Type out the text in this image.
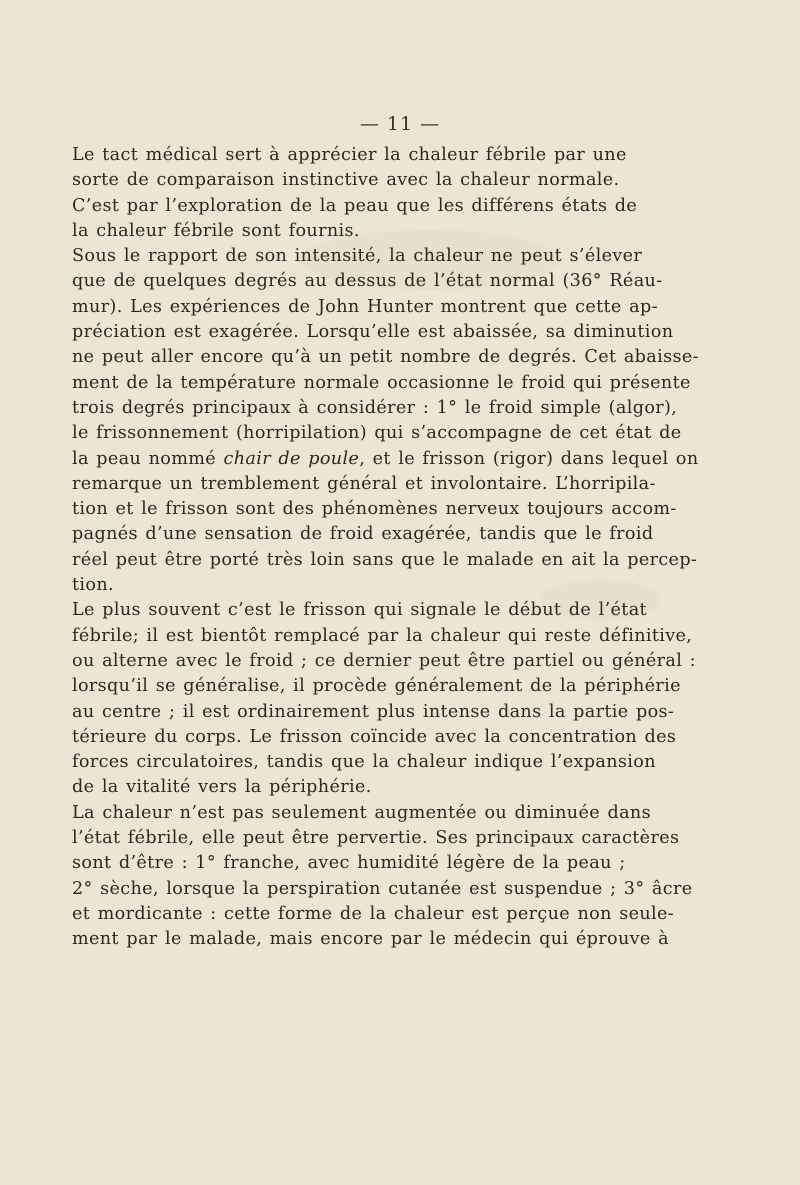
— 11 —

Le tact médical sert à apprécier la chaleur fébrile par une
sorte de comparaison instinctive avec la chaleur normale.

C’est par l’exploration de la peau que les différens états de
la chaleur fébrile sont fournis.

Sous le rapport de son intensité, la chaleur ne peut s’élever
que de quelques degrés au dessus de l’état normal (36° Réau-
mur). Les expériences de John Hunter montrent que cette ap-
préciation est exagérée. Lorsqu’elle est abaissée, sa diminution
ne peut aller encore qu’à un petit nombre de degrés. Cet abaisse-
ment de la température normale occasionne le froid qui présente
trois degrés principaux à considérer : 1° le froid simple (algor),
le frissonnement (horripilation) qui s’accompagne de cet état de
la peau nommé chair de poule, et le frisson (rigor) dans lequel on
remarque un tremblement général et involontaire. L’horripila-
tion et le frisson sont des phénomènes nerveux toujours accom-
pagnés d’une sensation de froid exagérée, tandis que le froid
réel peut être porté très loin sans que le malade en ait la percep-
tion.

Le plus souvent c’est le frisson qui signale le début de l’état
fébrile; il est bientôt remplacé par la chaleur qui reste définitive,
ou alterne avec le froid ; ce dernier peut être partiel ou général :
lorsqu’il se généralise, il procède généralement de la périphérie
au centre ; il est ordinairement plus intense dans la partie pos-
térieure du corps. Le frisson coïncide avec la concentration des
forces circulatoires, tandis que la chaleur indique l’expansion
de la vitalité vers la périphérie.

La chaleur n’est pas seulement augmentée ou diminuée dans
l’état fébrile, elle peut être pervertie. Ses principaux caractères
sont d’être : 1° franche, avec humidité légère de la peau ;
2° sèche, lorsque la perspiration cutanée est suspendue ; 3° âcre
et mordicante : cette forme de la chaleur est perçue non seule-
ment par le malade, mais encore par le médecin qui éprouve à
